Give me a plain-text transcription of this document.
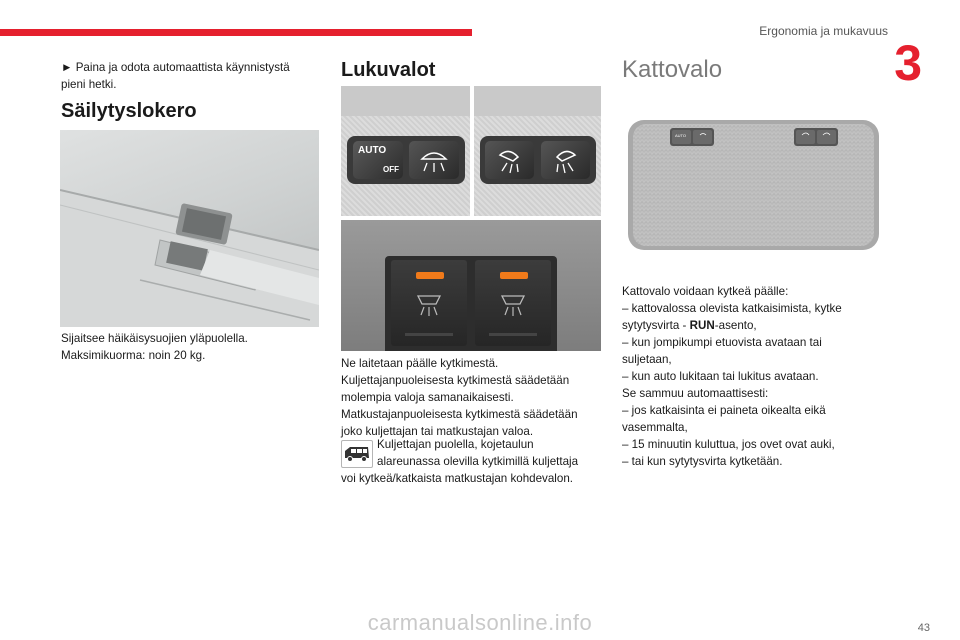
Ergonomia ja mukavuus
3
► Paina ja odota automaattista käynnistystä
pieni hetki.
Säilytyslokero
Sijaitsee häikäisysuojien yläpuolella.
Maksimikuorma: noin 20 kg.
Lukuvalot
AUTO
OFF
Ne laitetaan päälle kytkimestä.
Kuljettajanpuoleisesta kytkimestä säädetään
molempia valoja samanaikaisesti.
Matkustajanpuoleisesta kytkimestä säädetään
joko kuljettajan tai matkustajan valoa.
Kuljettajan puolella, kojetaulun
alareunassa olevilla kytkimillä kuljettaja
voi kytkeä/katkaista matkustajan kohdevalon.
Kattovalo
AUTO
Kattovalo voidaan kytkeä päälle:
– kattovalossa olevista katkaisimista, kytke
sytytysvirta - RUN-asento,
– kun jompikumpi etuovista avataan tai
suljetaan,
– kun auto lukitaan tai lukitus avataan.
Se sammuu automaattisesti:
– jos katkaisinta ei paineta oikealta eikä
vasemmalta,
– 15 minuutin kuluttua, jos ovet ovat auki,
– tai kun sytytysvirta kytketään.
carmanualsonline.info	43
